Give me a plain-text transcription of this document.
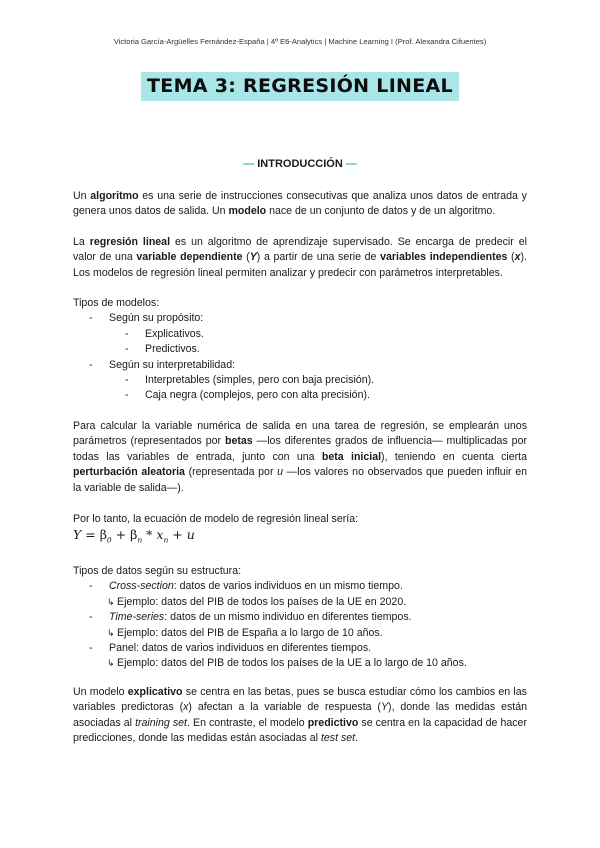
Victoria García-Argüelles Fernández-España | 4º E6-Analytics | Machine Learning I (Prof. Alexandra Cifuentes)
TEMA 3: REGRESIÓN LINEAL
— INTRODUCCIÓN —

Un algoritmo es una serie de instrucciones consecutivas que analiza unos datos de entrada y genera unos datos de salida. Un modelo nace de un conjunto de datos y de un algoritmo.

La regresión lineal es un algoritmo de aprendizaje supervisado. Se encarga de predecir el valor de una variable dependiente (Y) a partir de una serie de variables independientes (x). Los modelos de regresión lineal permiten analizar y predecir con parámetros interpretables.

Tipos de modelos:
- Según su propósito:
- Explicativos.
- Predictivos.
- Según su interpretabilidad:
- Interpretables (simples, pero con baja precisión).
- Caja negra (complejos, pero con alta precisión).

Para calcular la variable numérica de salida en una tarea de regresión, se emplearán unos parámetros (representados por betas —los diferentes grados de influencia— multiplicadas por todas las variables de entrada, junto con una beta inicial), teniendo en cuenta cierta perturbación aleatoria (representada por u —los valores no observados que pueden influir en la variable de salida—).

Por lo tanto, la ecuación de modelo de regresión lineal sería:

$Y = \beta_0 + \beta_n * x_n + u$
Tipos de datos según su estructura:
- Cross-section: datos de varios individuos en un mismo tiempo.
↳ Ejemplo: datos del PIB de todos los países de la UE en 2020.
- Time-series: datos de un mismo individuo en diferentes tiempos.
↳ Ejemplo: datos del PIB de España a lo largo de 10 años.
- Panel: datos de varios individuos en diferentes tiempos.
↳ Ejemplo: datos del PIB de todos los países de la UE a lo largo de 10 años.

Un modelo explicativo se centra en las betas, pues se busca estudiar cómo los cambios en las variables predictoras (x) afectan a la variable de respuesta (Y), donde las medidas están asociadas al training set. En contraste, el modelo predictivo se centra en la capacidad de hacer predicciones, donde las medidas están asociadas al test set.
